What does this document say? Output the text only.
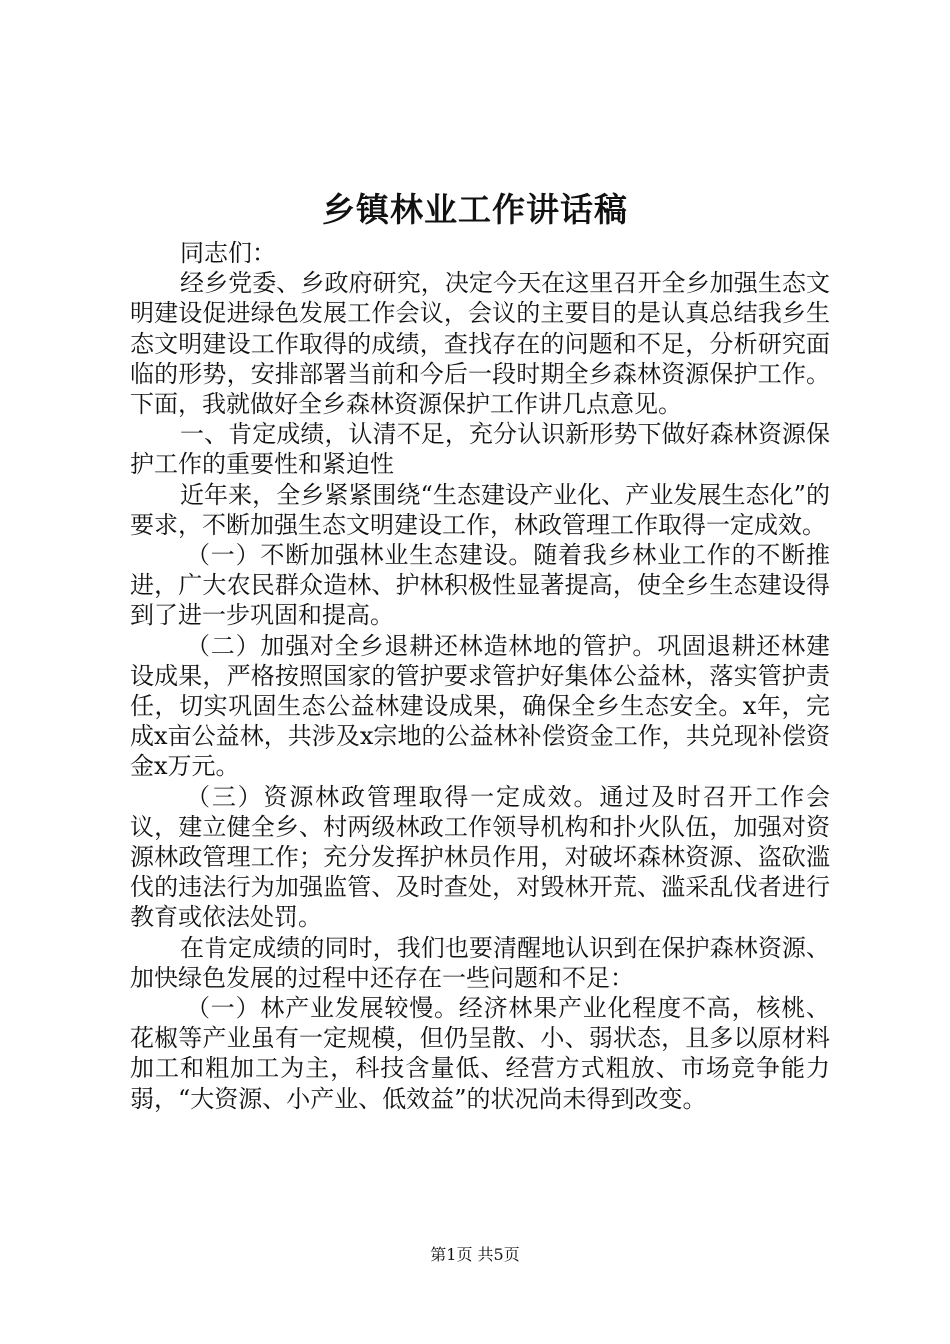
乡镇林业工作讲话稿

同志们：

经乡党委、乡政府研究，决定今天在这里召开全乡加强生态文明建设促进绿色发展工作会议，会议的主要目的是认真总结我乡生态文明建设工作取得的成绩，查找存在的问题和不足，分析研究面临的形势，安排部署当前和今后一段时期全乡森林资源保护工作。下面，我就做好全乡森林资源保护工作讲几点意见。

一、肯定成绩，认清不足，充分认识新形势下做好森林资源保护工作的重要性和紧迫性

近年来，全乡紧紧围绕“生态建设产业化、产业发展生态化”的要求，不断加强生态文明建设工作，林政管理工作取得一定成效。

（一）不断加强林业生态建设。随着我乡林业工作的不断推进，广大农民群众造林、护林积极性显著提高，使全乡生态建设得到了进一步巩固和提高。

（二）加强对全乡退耕还林造林地的管护。巩固退耕还林建设成果，严格按照国家的管护要求管护好集体公益林，落实管护责任，切实巩固生态公益林建设成果，确保全乡生态安全。x年，完成x亩公益林，共涉及x宗地的公益林补偿资金工作，共兑现补偿资金x万元。

（三）资源林政管理取得一定成效。通过及时召开工作会议，建立健全乡、村两级林政工作领导机构和扑火队伍，加强对资源林政管理工作；充分发挥护林员作用，对破坏森林资源、盗砍滥伐的违法行为加强监管、及时查处，对毁林开荒、滥采乱伐者进行教育或依法处罚。

在肯定成绩的同时，我们也要清醒地认识到在保护森林资源、加快绿色发展的过程中还存在一些问题和不足：

（一）林产业发展较慢。经济林果产业化程度不高，核桃、花椒等产业虽有一定规模，但仍呈散、小、弱状态，且多以原材料加工和粗加工为主，科技含量低、经营方式粗放、市场竞争能力弱，“大资源、小产业、低效益”的状况尚未得到改变。

第1页 共5页
